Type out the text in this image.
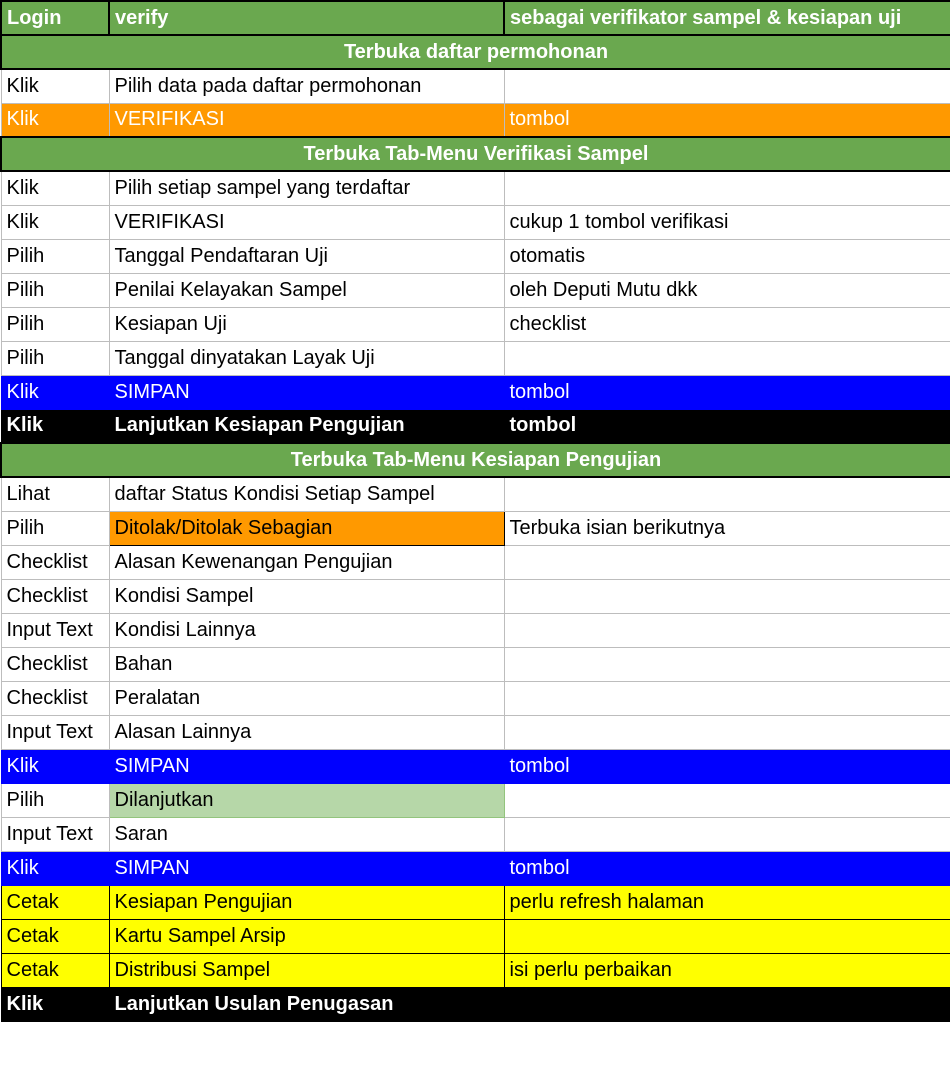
Login	verify	sebagai verifikator sampel & kesiapan uji
Terbuka daftar permohonan		
Klik	Pilih data pada daftar permohonan	
Klik	VERIFIKASI	tombol
Terbuka Tab-Menu Verifikasi Sampel		
Klik	Pilih setiap sampel yang terdaftar	
Klik	VERIFIKASI	cukup 1 tombol verifikasi
Pilih	Tanggal Pendaftaran Uji	otomatis
Pilih	Penilai Kelayakan Sampel	oleh Deputi Mutu dkk
Pilih	Kesiapan Uji	checklist
Pilih	Tanggal dinyatakan Layak Uji	
Klik	SIMPAN	tombol
Klik	Lanjutkan Kesiapan Pengujian	tombol
Terbuka Tab-Menu Kesiapan Pengujian		
Lihat	daftar Status Kondisi Setiap Sampel	
Pilih	Ditolak/Ditolak Sebagian	Terbuka isian berikutnya
Checklist	Alasan Kewenangan Pengujian	
Checklist	Kondisi Sampel	
Input Text	Kondisi Lainnya	
Checklist	Bahan	
Checklist	Peralatan	
Input Text	Alasan Lainnya	
Klik	SIMPAN	tombol
Pilih	Dilanjutkan	
Input Text	Saran	
Klik	SIMPAN	tombol
Cetak	Kesiapan Pengujian	perlu refresh halaman
Cetak	Kartu Sampel Arsip	
Cetak	Distribusi Sampel	isi perlu perbaikan
Klik	Lanjutkan Usulan Penugasan	
